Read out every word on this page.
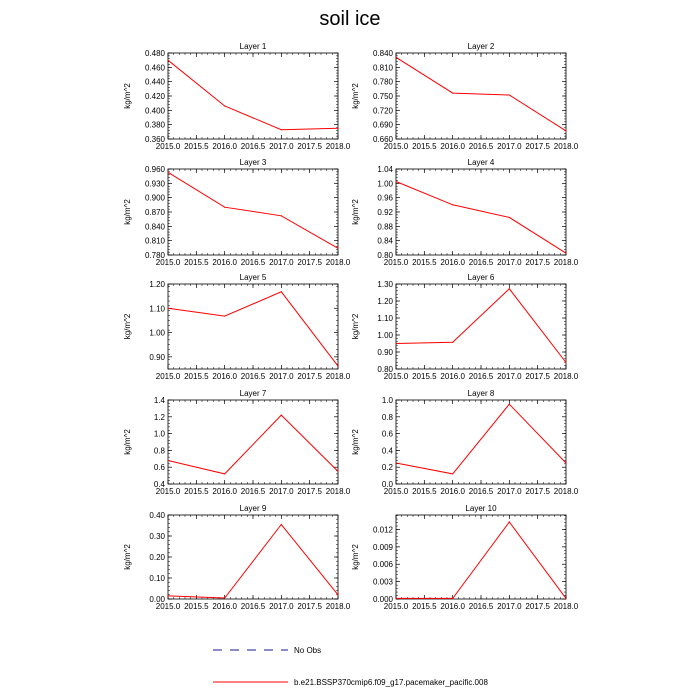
soil ice
Layer 1
kg/m^2
2015.0 2015.5 2016.0 2016.5 2017.0 2017.5 2018.0
0.360
0.380
0.400
0.420
0.440
0.460
0.480
Layer 2
kg/m^2
2015.0 2015.5 2016.0 2016.5 2017.0 2017.5 2018.0
0.660
0.690
0.720
0.750
0.780
0.810
0.840
Layer 3
kg/m^2
2015.0 2015.5 2016.0 2016.5 2017.0 2017.5 2018.0
0.780
0.810
0.840
0.870
0.900
0.930
0.960
Layer 4
kg/m^2
2015.0 2015.5 2016.0 2016.5 2017.0 2017.5 2018.0
0.80
0.84
0.88
0.92
0.96
1.00
1.04
Layer 5
kg/m^2
2015.0 2015.5 2016.0 2016.5 2017.0 2017.5 2018.0
0.90
1.00
1.10
1.20
Layer 6
kg/m^2
2015.0 2015.5 2016.0 2016.5 2017.0 2017.5 2018.0
0.80
0.90
1.00
1.10
1.20
1.30
Layer 7
kg/m^2
2015.0 2015.5 2016.0 2016.5 2017.0 2017.5 2018.0
0.4
0.6
0.8
1.0
1.2
1.4
Layer 8
kg/m^2
2015.0 2015.5 2016.0 2016.5 2017.0 2017.5 2018.0
0.0
0.2
0.4
0.6
0.8
1.0
Layer 9
kg/m^2
2015.0 2015.5 2016.0 2016.5 2017.0 2017.5 2018.0
0.00
0.10
0.20
0.30
0.40
Layer 10
kg/m^2
2015.0 2015.5 2016.0 2016.5 2017.0 2017.5 2018.0
0.000
0.003
0.006
0.009
0.012
No Obs
b.e21.BSSP370cmip6.f09_g17.pacemaker_pacific.008
